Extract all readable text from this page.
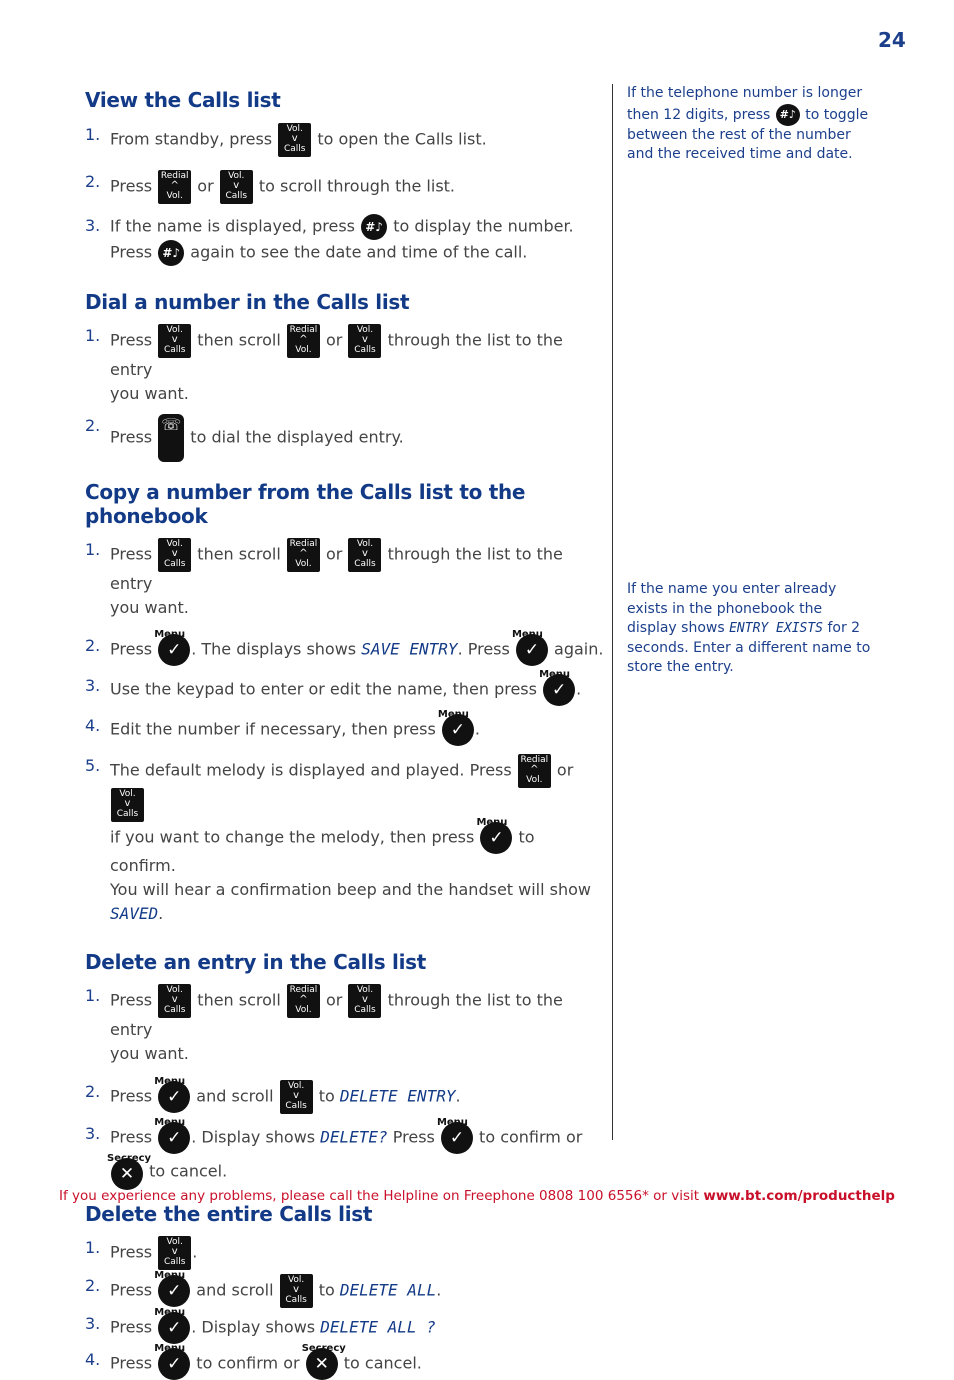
24
View the Calls list
1. From standby, press Vol.
v
Calls to open the Calls list.
2. Press Redial
^
Vol. or Vol.
v
Calls to scroll through the list.
3. If the name is displayed, press #♪ to display the number.
Press #♪ again to see the date and time of the call.
Dial a number in the Calls list
1. Press Vol.
v
Calls then scroll Redial
^
Vol. or Vol.
v
Calls through the list to the entry
you want.
2.
Press ☏ to dial the displayed entry.
Copy a number from the Calls list to the phonebook
1. Press Vol.
v
Calls then scroll Redial
^
Vol. or Vol.
v
Calls through the list to the entry
you want.
2. Press
Menu
✓ . The displays shows SAVE ENTRY. Press
Menu
✓ again.
3. Use the keypad to enter or edit the name, then press
Menu
✓ .
4. Edit the number if necessary, then press
Menu
✓ .
5. The default melody is displayed and played. Press Redial
^
Vol. or Vol.
v
Calls
if you want to change the melody, then press
Menu
✓ to confirm.
You will hear a confirmation beep and the handset will show
SAVED.
Delete an entry in the Calls list
1. Press Vol.
v
Calls then scroll Redial
^
Vol. or Vol.
v
Calls through the list to the entry
you want.
2. Press
Menu
✓ and scroll Vol.
v
Calls to DELETE ENTRY.
3. Press
Menu
✓ . Display shows DELETE? Press
Menu
✓ to confirm or

Secrecy
✕ to cancel.
Delete the entire Calls list
1. Press Vol.
v
Calls.
2. Press
Menu
✓ and scroll Vol.
v
Calls to DELETE ALL.
3. Press
Menu
✓ . Display shows DELETE ALL ?
4. Press
Menu
✓ to confirm or
Secrecy
✕ to cancel.
If the telephone number is longer then 12 digits, press #♪ to toggle between the rest of the number and the received time and date.
If the name you enter already exists in the phonebook the display shows ENTRY EXISTS for 2 seconds. Enter a different name to store the entry.
If you experience any problems, please call the Helpline on Freephone 0808 100 6556* or visit www.bt.com/producthelp
